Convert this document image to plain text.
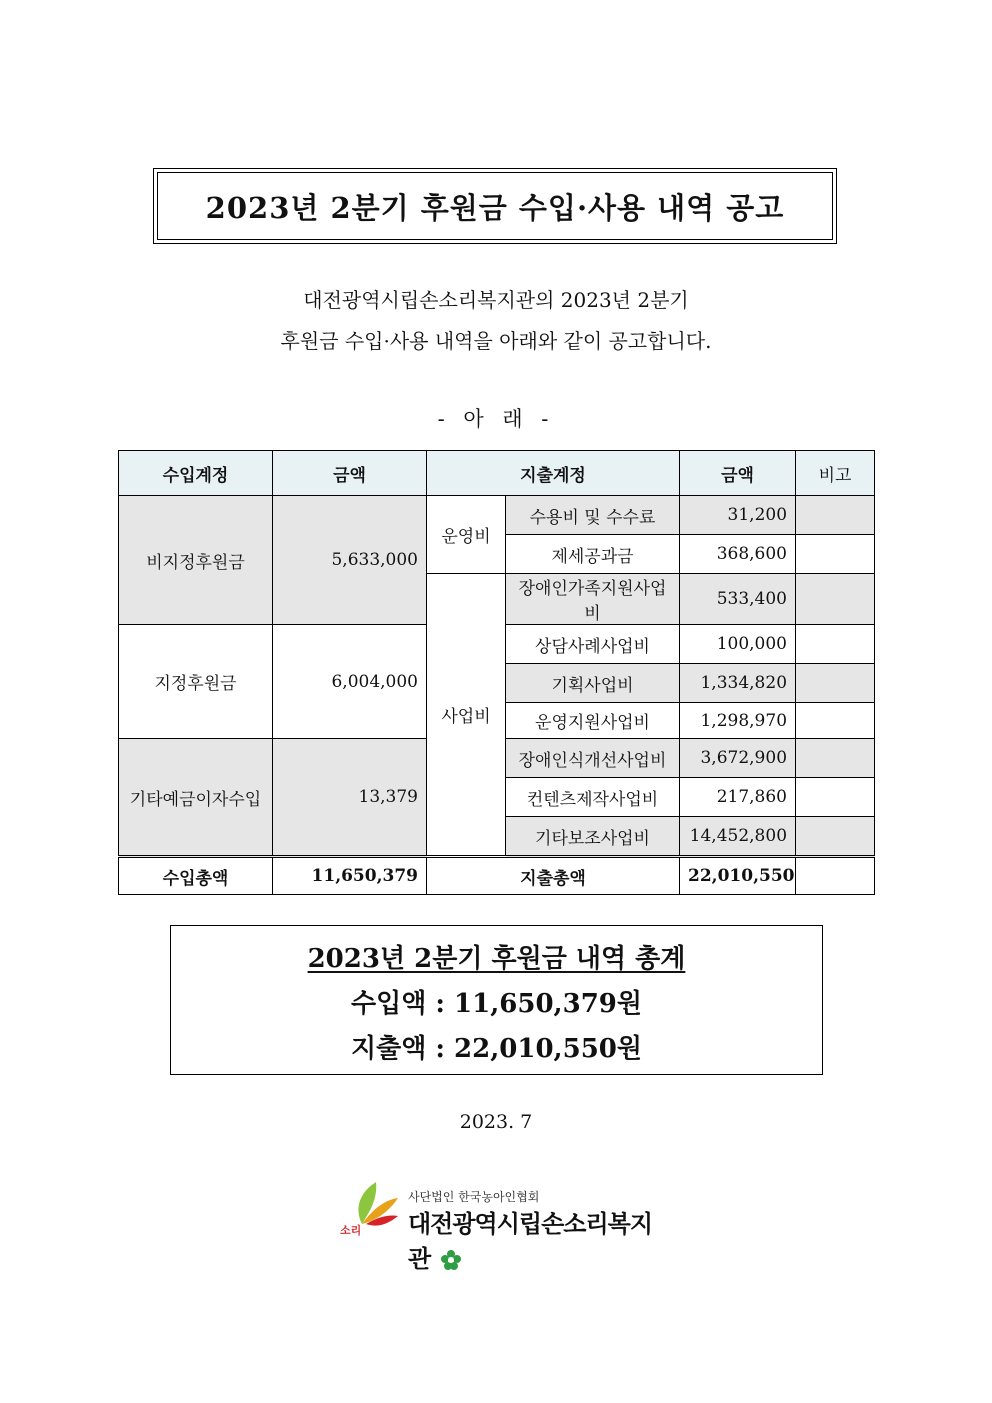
2023년 2분기 후원금 수입·사용 내역 공고
대전광역시립손소리복지관의 2023년 2분기
후원금 수입·사용 내역을 아래와 같이 공고합니다.
- 아 래 -
수입계정	금액	지출계정		금액	비고
비지정후원금	5,633,000	운영비	수용비 및 수수료	31,200	
			제세공과금	368,600	
		사업비	장애인가족지원사업비	533,400	
지정후원금	6,004,000		상담사례사업비	100,000	
			기획사업비	1,334,820	
			운영지원사업비	1,298,970	
기타예금이자수입	13,379		장애인식개선사업비	3,672,900	
			컨텐츠제작사업비	217,860	
			기타보조사업비	14,452,800	
수입총액	11,650,379	지출총액		22,010,550	
2023년 2분기 후원금 내역 총계
수입액 : 11,650,379원
지출액 : 22,010,550원
2023. 7
소리
사단법인 한국농아인협회
대전광역시립손소리복지관
